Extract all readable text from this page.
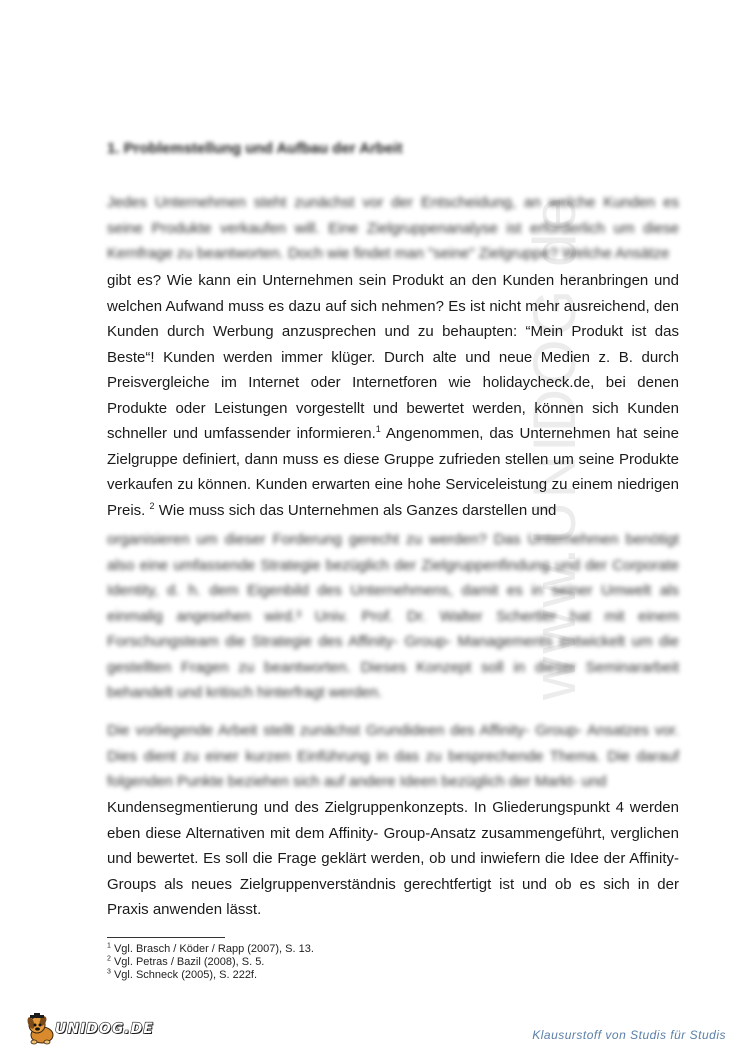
www.UNIDOG.de
1. Problemstellung und Aufbau der Arbeit
Jedes Unternehmen steht zunächst vor der Entscheidung, an welche Kunden es seine Produkte verkaufen will. Eine Zielgruppenanalyse ist erforderlich um diese Kernfrage zu beantworten. Doch wie findet man "seine" Zielgruppe? Welche Ansätze
gibt es? Wie kann ein Unternehmen sein Produkt an den Kunden heranbringen und welchen Aufwand muss es dazu auf sich nehmen? Es ist nicht mehr ausreichend, den Kunden durch Werbung anzusprechen und zu behaupten: “Mein Produkt ist das Beste“! Kunden werden immer klüger. Durch alte und neue Medien z. B. durch Preisvergleiche im Internet oder Internetforen wie holidaycheck.de, bei denen Produkte oder Leistungen vorgestellt und bewertet werden, können sich Kunden schneller und umfassender informieren.$^1$ Angenommen, das Unternehmen hat seine Zielgruppe definiert, dann muss es diese Gruppe zufrieden stellen um seine Produkte verkaufen zu können. Kunden erwarten eine hohe Serviceleistung zu einem niedrigen Preis. $^2$ Wie muss sich das Unternehmen als Ganzes darstellen und
organisieren um dieser Forderung gerecht zu werden? Das Unternehmen benötigt also eine umfassende Strategie bezüglich der Zielgruppenfindung und der Corporate Identity, d. h. dem Eigenbild des Unternehmens, damit es in seiner Umwelt als einmalig angesehen wird.³ Univ. Prof. Dr. Walter Schertler hat mit einem Forschungsteam die Strategie des Affinity- Group- Managements entwickelt um die gestellten Fragen zu beantworten. Dieses Konzept soll in dieser Seminararbeit behandelt und kritisch hinterfragt werden.
Die vorliegende Arbeit stellt zunächst Grundideen des Affinity- Group- Ansatzes vor. Dies dient zu einer kurzen Einführung in das zu besprechende Thema. Die darauf folgenden Punkte beziehen sich auf andere Ideen bezüglich der Markt- und
Kundensegmentierung und des Zielgruppenkonzepts. In Gliederungspunkt 4 werden eben diese Alternativen mit dem Affinity- Group-Ansatz zusammengeführt, verglichen und bewertet. Es soll die Frage geklärt werden, ob und inwiefern die Idee der Affinity-Groups als neues Zielgruppenverständnis gerechtfertigt ist und ob es sich in der Praxis anwenden lässt.
$^1$ Vgl. Brasch / Köder / Rapp (2007), S. 13.
$^2$ Vgl. Petras / Bazil (2008), S. 5.
$^3$ Vgl. Schneck (2005), S. 222f.
UNIDOG.DE	Klausurstoff von Studis für Studis
